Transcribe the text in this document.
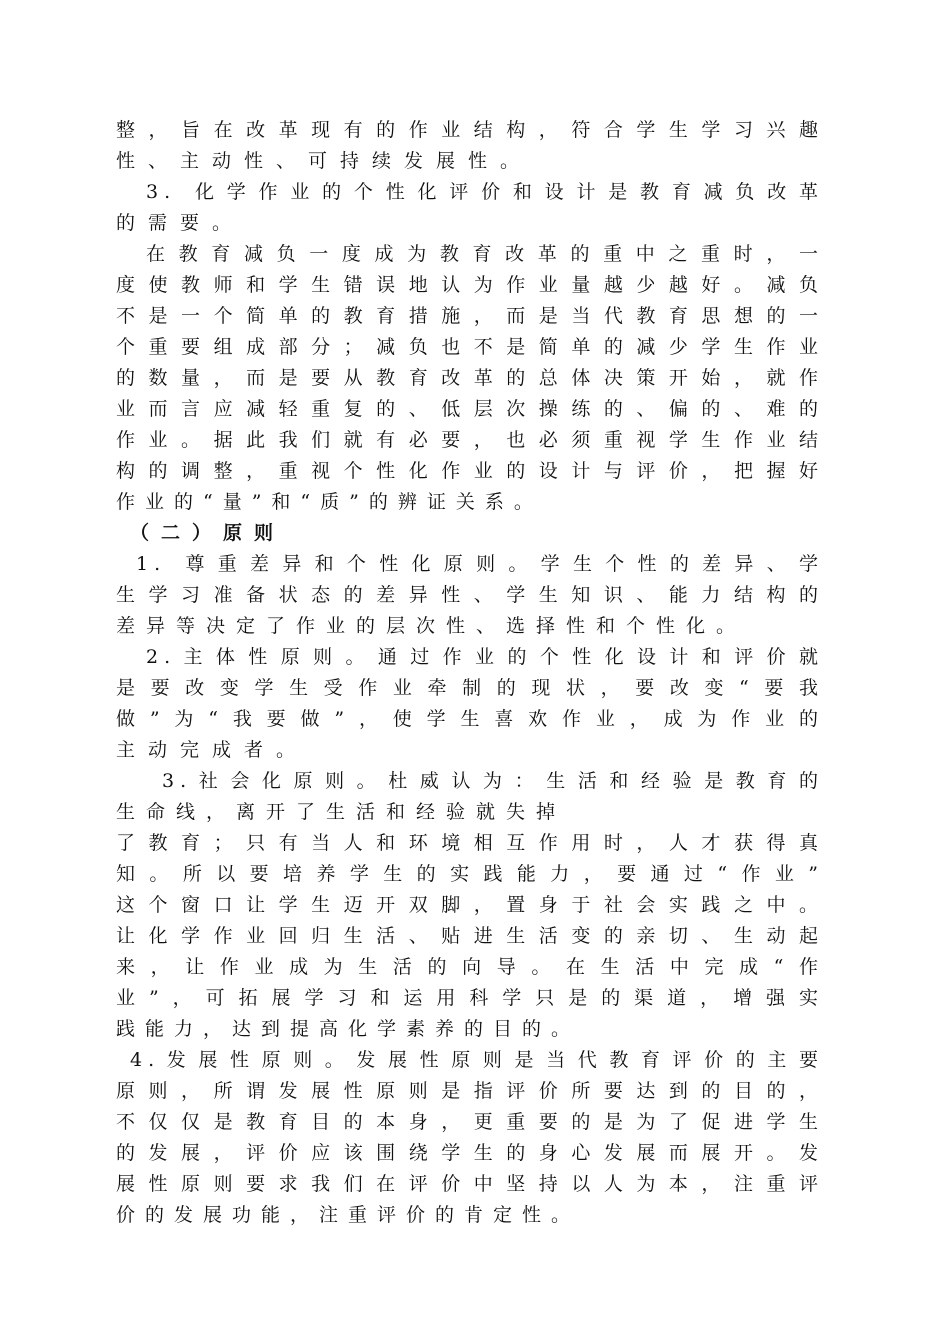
整，旨在改革现有的作业结构，符合学生学习兴趣
性、主动性、可持续发展性。
3. 化学作业的个性化评价和设计是教育减负改革
的需要。
在教育减负一度成为教育改革的重中之重时，一
度使教师和学生错误地认为作业量越少越好。减负
不是一个简单的教育措施，而是当代教育思想的一
个重要组成部分；减负也不是简单的减少学生作业
的数量，而是要从教育改革的总体决策开始，就作
业而言应减轻重复的、低层次操练的、偏的、难的
作业。据此我们就有必要，也必须重视学生作业结
构的调整，重视个性化作业的设计与评价，把握好
作业的“量”和“质”的辨证关系。
（二）原则
1. 尊重差异和个性化原则。学生个性的差异、学
生学习准备状态的差异性、学生知识、能力结构的
差异等决定了作业的层次性、选择性和个性化。
2.主体性原则。通过作业的个性化设计和评价就
是要改变学生受作业牵制的现状，要改变“要我
做”为“我要做”，使学生喜欢作业，成为作业的
主动完成者。
3.社会化原则。杜威认为：生活和经验是教育的
生命线，离开了生活和经验就失掉
了教育；只有当人和环境相互作用时，人才获得真
知。所以要培养学生的实践能力，要通过“作业”
这个窗口让学生迈开双脚，置身于社会实践之中。
让化学作业回归生活、贴进生活变的亲切、生动起
来，让作业成为生活的向导。在生活中完成“作
业”，可拓展学习和运用科学只是的渠道，增强实
践能力，达到提高化学素养的目的。
4.发展性原则。发展性原则是当代教育评价的主要
原则，所谓发展性原则是指评价所要达到的目的，
不仅仅是教育目的本身，更重要的是为了促进学生
的发展，评价应该围绕学生的身心发展而展开。发
展性原则要求我们在评价中坚持以人为本，注重评
价的发展功能，注重评价的肯定性。
